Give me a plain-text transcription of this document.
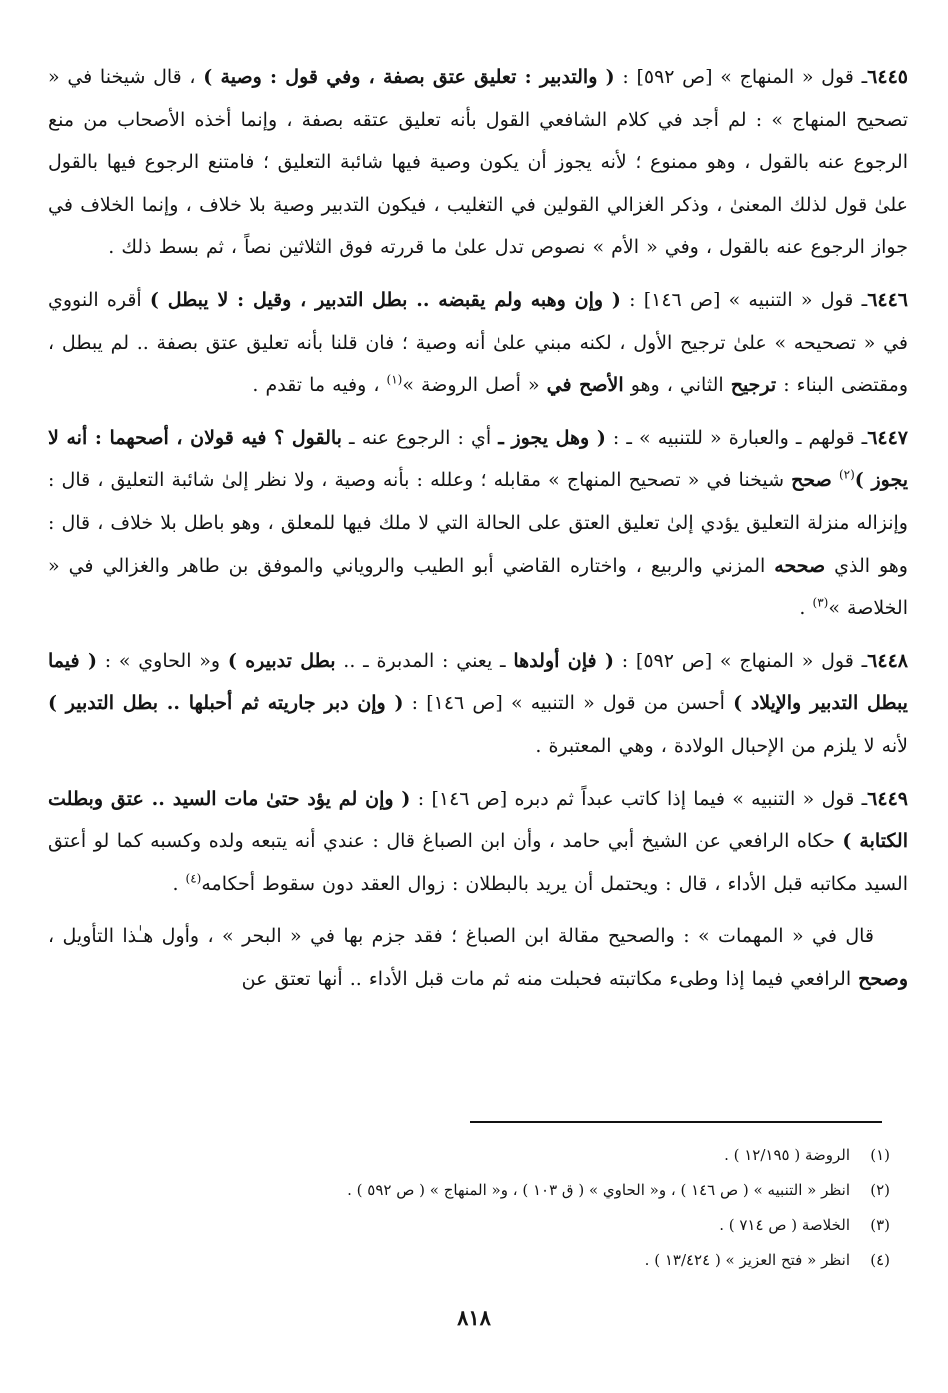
٦٤٤٥ـ قول « المنهاج » [ص ٥٩٢] : ( والتدبير : تعليق عتق بصفة ، وفي قول : وصية ) ، قال شيخنا في « تصحيح المنهاج » : لم أجد في كلام الشافعي القول بأنه تعليق عتقه بصفة ، وإنما أخذه الأصحاب من منع الرجوع عنه بالقول ، وهو ممنوع ؛ لأنه يجوز أن يكون وصية فيها شائبة التعليق ؛ فامتنع الرجوع فيها بالقول علىٰ قول لذلك المعنىٰ ، وذكر الغزالي القولين في التغليب ، فيكون التدبير وصية بلا خلاف ، وإنما الخلاف في جواز الرجوع عنه بالقول ، وفي « الأم » نصوص تدل علىٰ ما قررته فوق الثلاثين نصاً ، ثم بسط ذلك .

٦٤٤٦ـ قول « التنبيه » [ص ١٤٦] : ( وإن وهبه ولم يقبضه .. بطل التدبير ، وقيل : لا يبطل ) أقره النووي في « تصحيحه » علىٰ ترجيح الأول ، لكنه مبني علىٰ أنه وصية ؛ فان قلنا بأنه تعليق عتق بصفة .. لم يبطل ، ومقتضى البناء : ترجيح الثاني ، وهو الأصح في « أصل الروضة »$^{(١)}$ ، وفيه ما تقدم .

٦٤٤٧ـ قولهم ـ والعبارة « للتنبيه » ـ : ( وهل يجوز ـ أي : الرجوع عنه ـ بالقول ؟ فيه قولان ، أصحهما : أنه لا يجوز )$^{(٢)}$ صحح شيخنا في « تصحيح المنهاج » مقابله ؛ وعلله : بأنه وصية ، ولا نظر إلىٰ شائبة التعليق ، قال : وإنزاله منزلة التعليق يؤدي إلىٰ تعليق العتق على الحالة التي لا ملك فيها للمعلق ، وهو باطل بلا خلاف ، قال : وهو الذي صححه المزني والربيع ، واختاره القاضي أبو الطيب والروياني والموفق بن طاهر والغزالي في « الخلاصة »$^{(٣)}$ .

٦٤٤٨ـ قول « المنهاج » [ص ٥٩٢] : ( فإن أولدها ـ يعني : المدبرة ـ .. بطل تدبيره ) و« الحاوي » : ( فيما يبطل التدبير والإيلاد ) أحسن من قول « التنبيه » [ص ١٤٦] : ( وإن دبر جاريته ثم أحبلها .. بطل التدبير ) لأنه لا يلزم من الإحبال الولادة ، وهي المعتبرة .

٦٤٤٩ـ قول « التنبيه » فيما إذا كاتب عبداً ثم دبره [ص ١٤٦] : ( وإن لم يؤد حتىٰ مات السيد .. عتق وبطلت الكتابة ) حكاه الرافعي عن الشيخ أبي حامد ، وأن ابن الصباغ قال : عندي أنه يتبعه ولده وكسبه كما لو أعتق السيد مكاتبه قبل الأداء ، قال : ويحتمل أن يريد بالبطلان : زوال العقد دون سقوط أحكامه$^{(٤)}$ .

قال في « المهمات » : والصحيح مقالة ابن الصباغ ؛ فقد جزم بها في « البحر » ، وأول هـٰذا التأويل ، وصحح الرافعي فيما إذا وطىء مكاتبته فحبلت منه ثم مات قبل الأداء .. أنها تعتق عن

(١)الروضة ( ١٢/١٩٥ ) .
(٢)انظر « التنبيه » ( ص ١٤٦ ) ، و« الحاوي » ( ق ١٠٣ ) ، و« المنهاج » ( ص ٥٩٢ ) .
(٣)الخلاصة ( ص ٧١٤ ) .
(٤)انظر « فتح العزيز » ( ١٣/٤٢٤ ) .
٨١٨
